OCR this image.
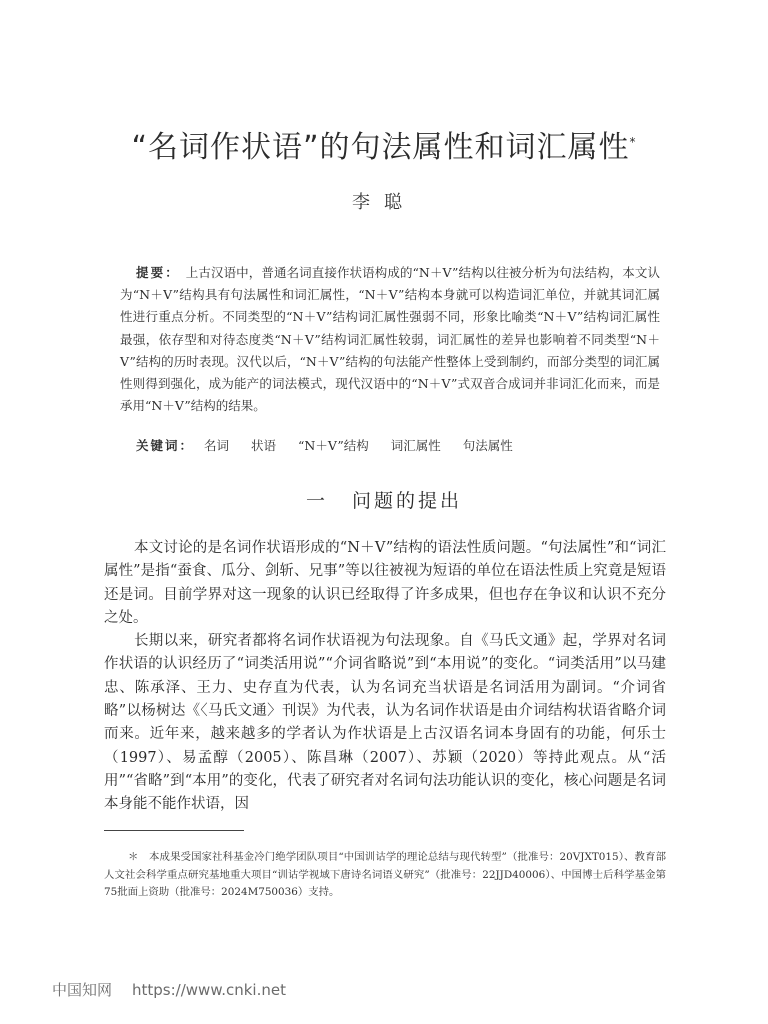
“名词作状语”的句法属性和词汇属性*
李聪
提要： 上古汉语中，普通名词直接作状语构成的“N＋V”结构以往被分析为句法结构，本文认为“N＋V”结构具有句法属性和词汇属性，“N＋V”结构本身就可以构造词汇单位，并就其词汇属性进行重点分析。不同类型的“N＋V”结构词汇属性强弱不同，形象比喻类“N＋V”结构词汇属性最强，依存型和对待态度类“N＋V”结构词汇属性较弱，词汇属性的差异也影响着不同类型“N＋V”结构的历时表现。汉代以后，“N＋V”结构的句法能产性整体上受到制约，而部分类型的词汇属性则得到强化，成为能产的词法模式，现代汉语中的“N＋V”式双音合成词并非词汇化而来，而是承用“N＋V”结构的结果。
关键词： 名词 状语 “N＋V”结构 词汇属性 句法属性
一 问题的提出

本文讨论的是名词作状语形成的“N＋V”结构的语法性质问题。“句法属性”和“词汇属性”是指“蚕食、瓜分、剑斩、兄事”等以往被视为短语的单位在语法性质上究竟是短语还是词。目前学界对这一现象的认识已经取得了许多成果，但也存在争议和认识不充分之处。

长期以来，研究者都将名词作状语视为句法现象。自《马氏文通》起，学界对名词作状语的认识经历了“词类活用说”“介词省略说”到“本用说”的变化。“词类活用”以马建忠、陈承泽、王力、史存直为代表，认为名词充当状语是名词活用为副词。“介词省略”以杨树达《〈马氏文通〉刊误》为代表，认为名词作状语是由介词结构状语省略介词而来。近年来，越来越多的学者认为作状语是上古汉语名词本身固有的功能，何乐士（1997）、易孟醇（2005）、陈昌琳（2007）、苏颖（2020）等持此观点。从“活用”“省略”到“本用”的变化，代表了研究者对名词句法功能认识的变化，核心问题是名词本身能不能作状语，因

＊　本成果受国家社科基金冷门绝学团队项目“中国训诂学的理论总结与现代转型”（批准号：20VJXT015）、教育部人文社会科学重点研究基地重大项目“训诂学视域下唐诗名词语义研究”（批准号：22JJD40006）、中国博士后科学基金第75批面上资助（批准号：2024M750036）支持。
中国知网 https://www.cnki.net
